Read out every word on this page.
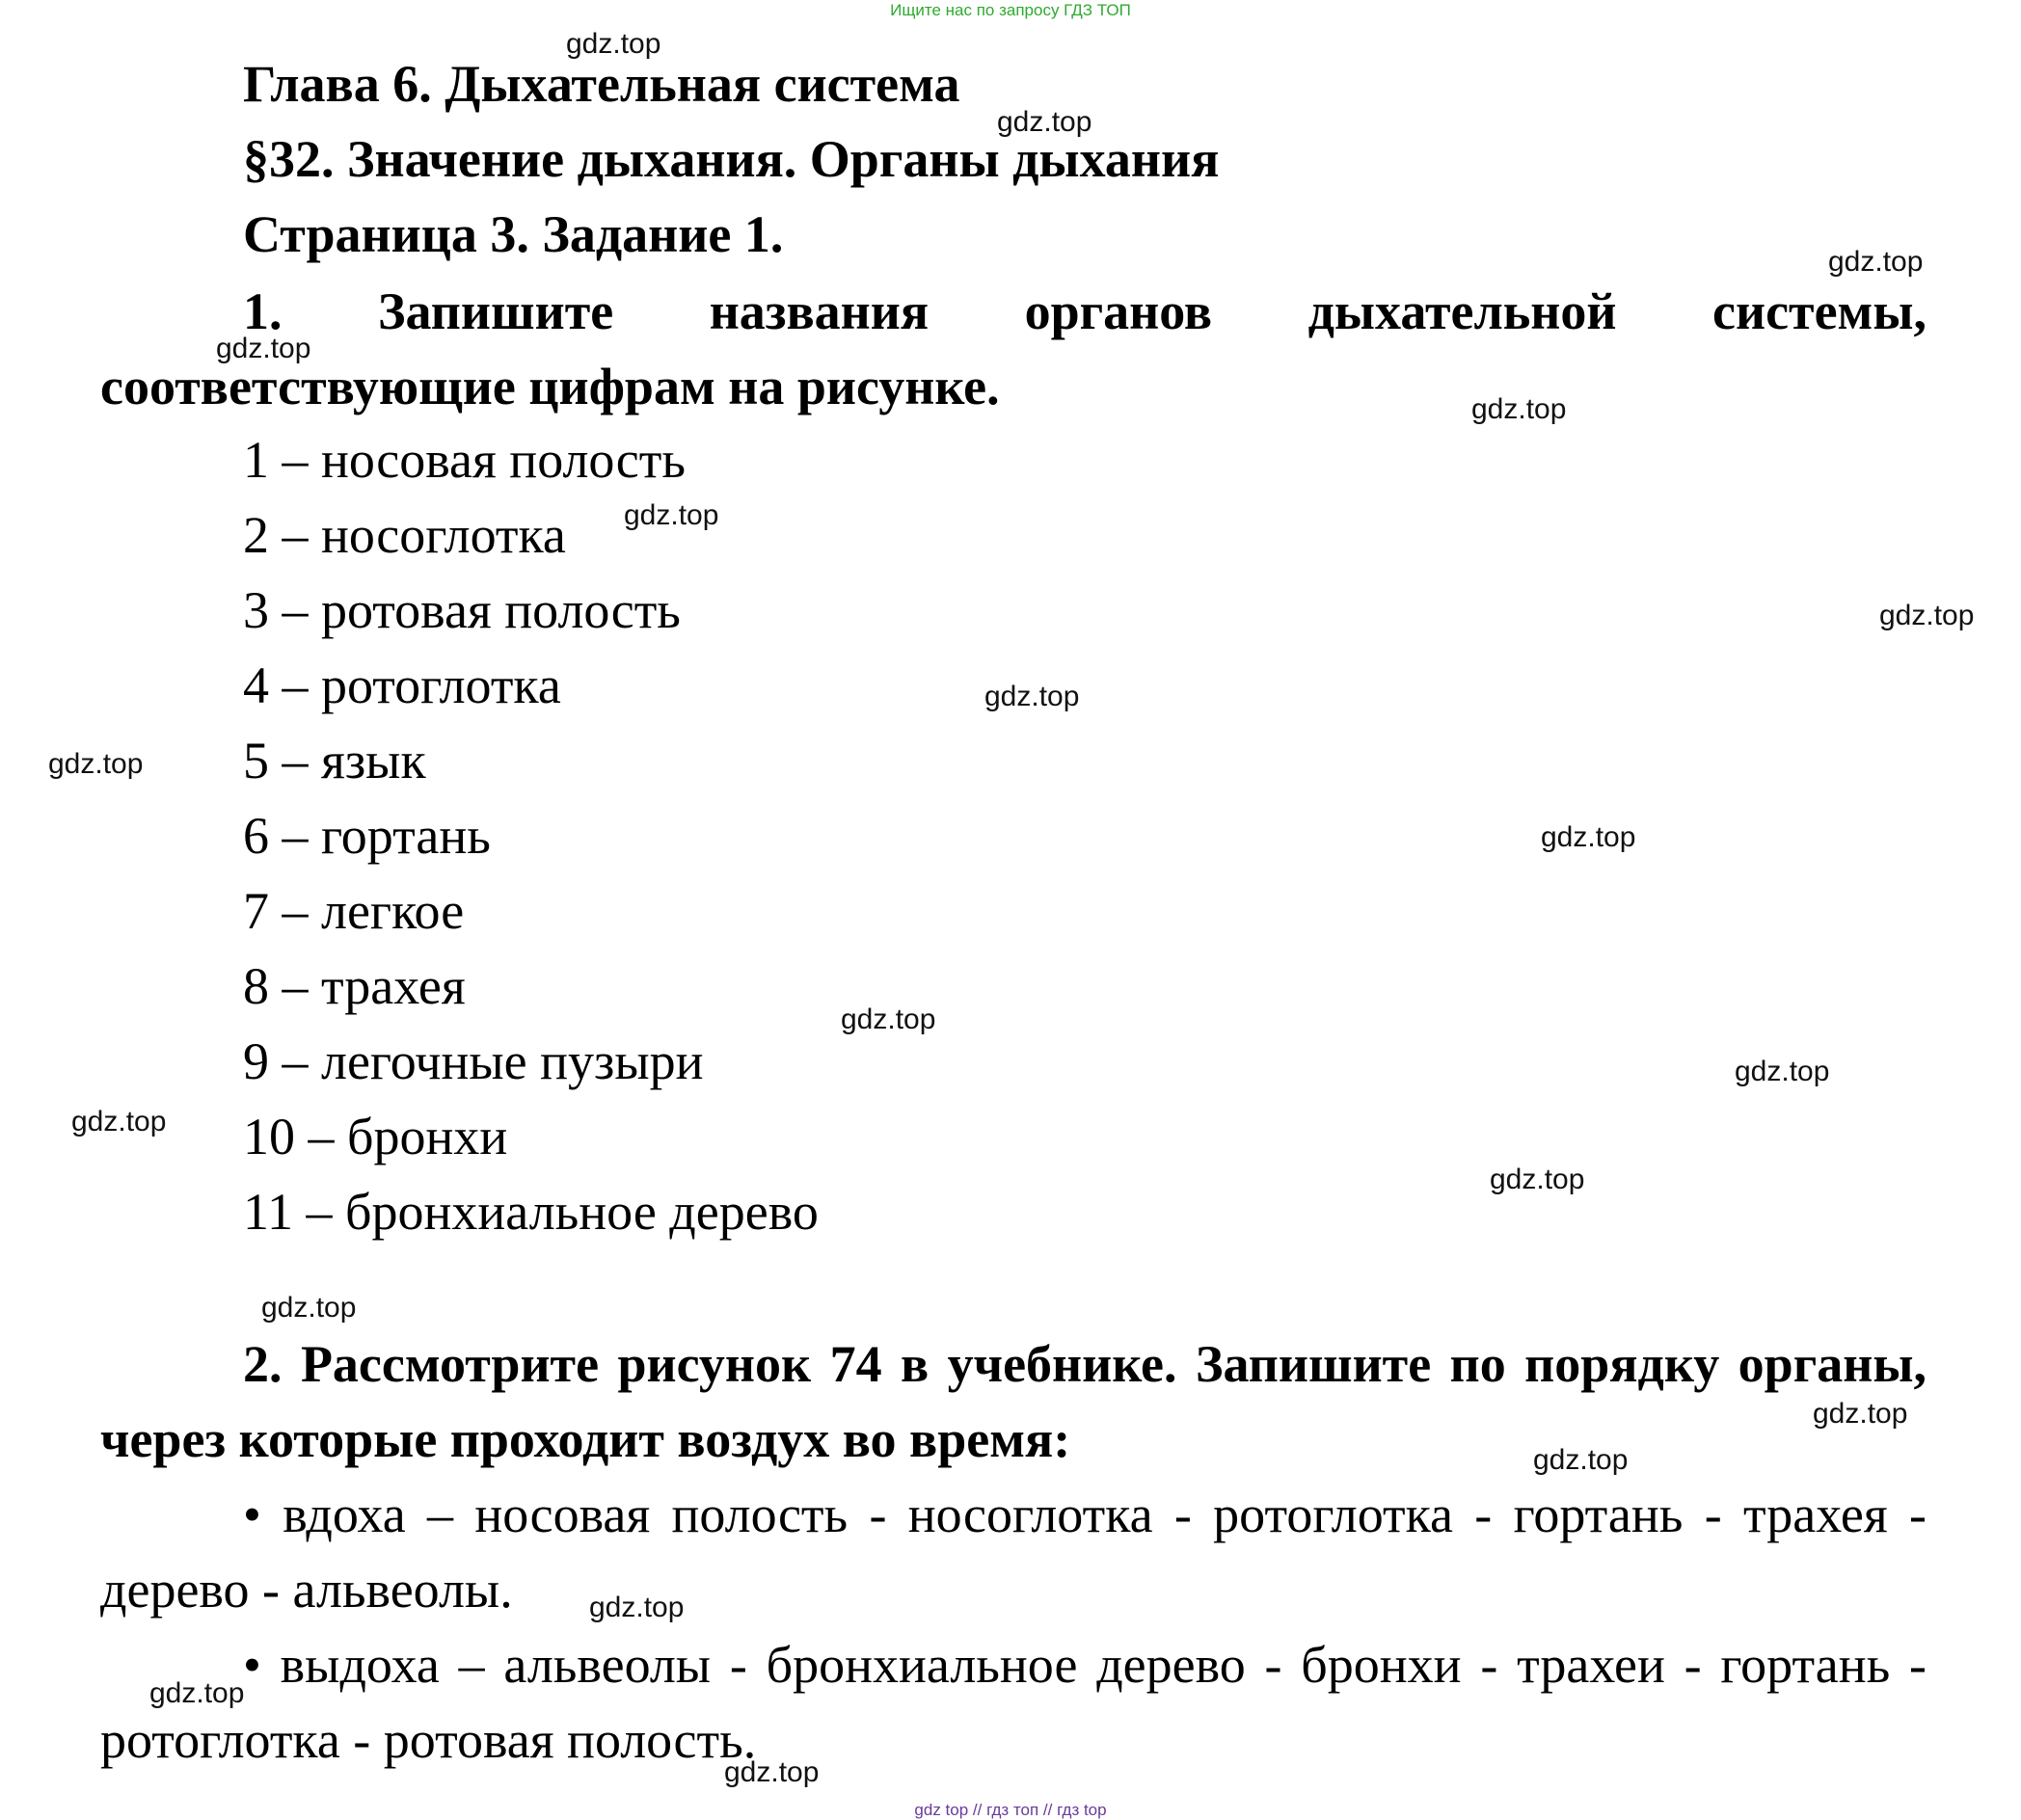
Ищите нас по запросу ГДЗ ТОП
Глава 6. Дыхательная система
§32. Значение дыхания. Органы дыхания
Страница 3. Задание 1.
1. Запишите названия органов дыхательной системы, соответствующие цифрам на рисунке.
1 – носовая полость
2 – носоглотка
3 – ротовая полость
4 – ротоглотка
5 – язык
6 – гортань
7 – легкое
8 – трахея
9 – легочные пузыри
10 – бронхи
11 – бронхиальное дерево
2. Рассмотрите рисунок 74 в учебнике. Запишите по порядку органы, через которые проходит воздух во время:
• вдоха – носовая полость - носоглотка - ротоглотка - гортань - трахея - дерево - альвеолы.
• выдоха – альвеолы - бронхиальное дерево - бронхи - трахеи - гортань - ротоглотка - ротовая полость.
gdz.top
gdz.top
gdz.top
gdz.top
gdz.top
gdz.top
gdz.top
gdz.top
gdz.top
gdz.top
gdz.top
gdz.top
gdz.top
gdz.top
gdz.top
gdz.top
gdz.top
gdz.top
gdz.top
gdz.top
gdz top // гдз топ // гдз top
